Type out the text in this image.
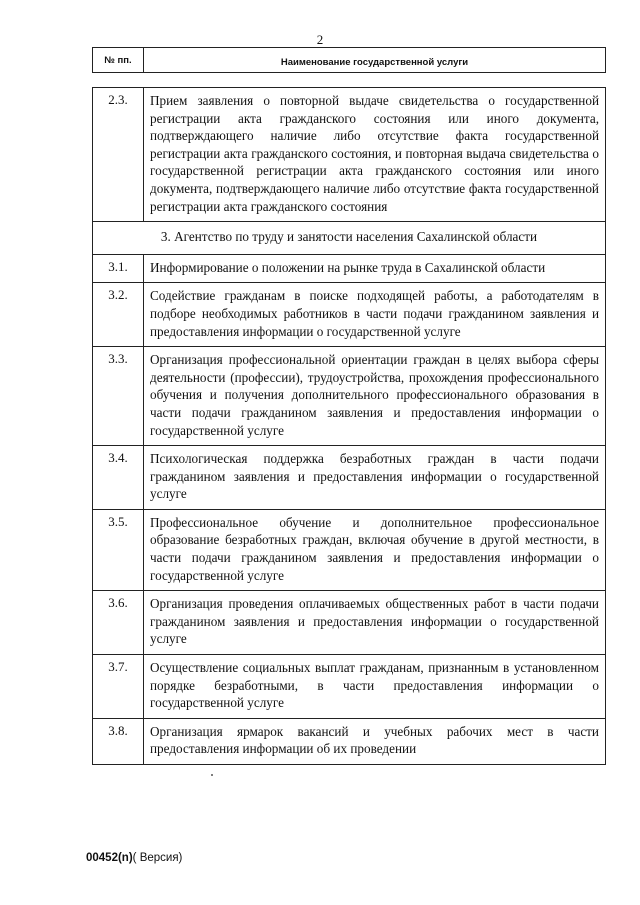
2
№ пп.	Наименование государственной услуги
2.3.	Прием заявления о повторной выдаче свидетельства о государственной регистрации акта гражданского состояния или иного документа, подтверждающего наличие либо отсутствие факта государственной регистрации акта гражданского состояния, и повторная выдача свидетельства о государственной регистрации акта гражданского состояния или иного документа, подтверждающего наличие либо отсутствие факта государственной регистрации акта гражданского состояния
3. Агентство по труду и занятости населения Сахалинской области	
3.1.	Информирование о положении на рынке труда в Сахалинской области
3.2.	Содействие гражданам в поиске подходящей работы, а работодателям в подборе необходимых работников в части подачи гражданином заявления и предоставления информации о государственной услуге
3.3.	Организация профессиональной ориентации граждан в целях выбора сферы деятельности (профессии), трудоустройства, прохождения профессионального обучения и получения дополнительного профессионального образования в части подачи гражданином заявления и предоставления информации о государственной услуге
3.4.	Психологическая поддержка безработных граждан в части подачи гражданином заявления и предоставления информации о государственной услуге
3.5.	Профессиональное обучение и дополнительное профессиональное образование безработных граждан, включая обучение в другой местности, в части подачи гражданином заявления и предоставления информации о государственной услуге
3.6.	Организация проведения оплачиваемых общественных работ в части подачи гражданином заявления и предоставления информации о государственной услуге
3.7.	Осуществление социальных выплат гражданам, признанным в установленном порядке безработными, в части предоставления информации о государственной услуге
3.8.	Организация ярмарок вакансий и учебных рабочих мест в части предоставления информации об их проведении
00452(n)( Версия)
